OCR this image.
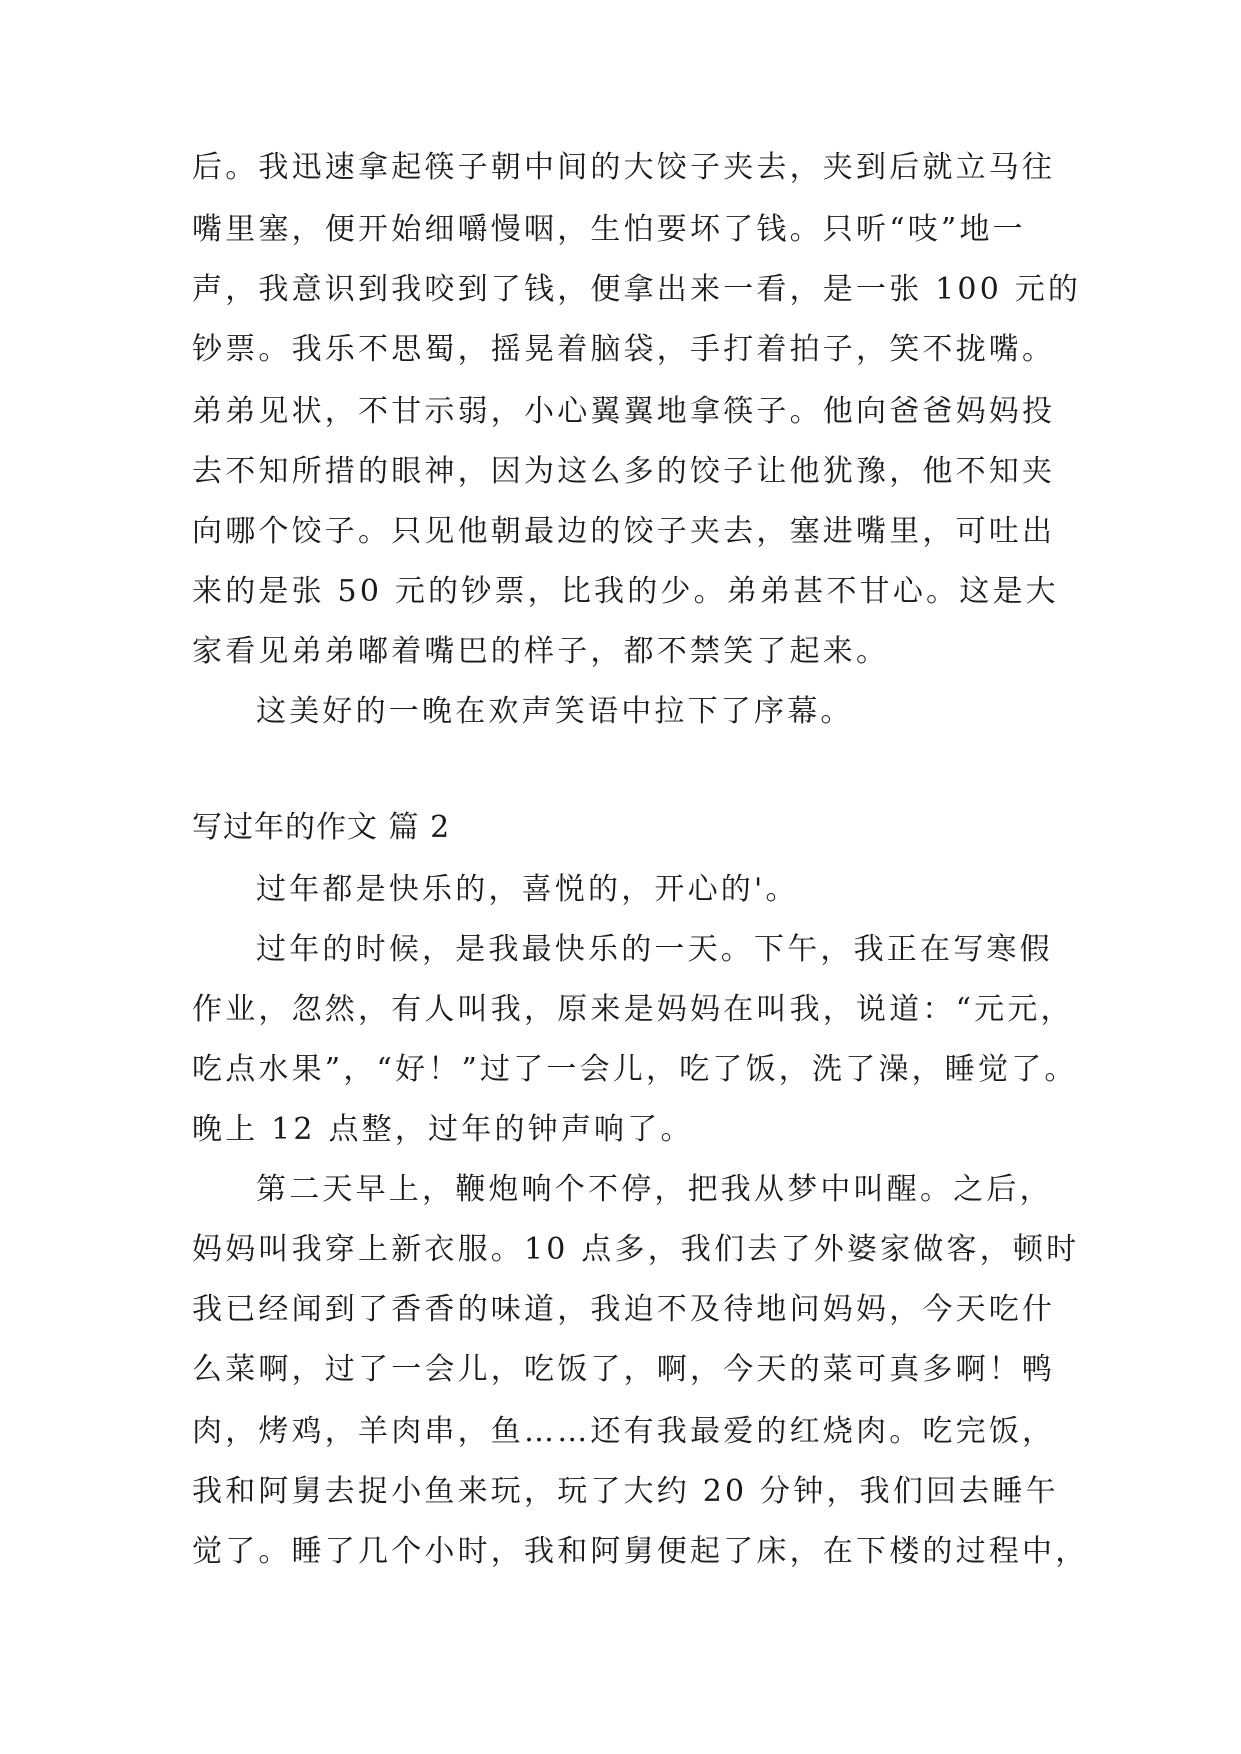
后。我迅速拿起筷子朝中间的大饺子夹去，夹到后就立马往
嘴里塞，便开始细嚼慢咽，生怕要坏了钱。只听“吱”地一
声，我意识到我咬到了钱，便拿出来一看，是一张 100 元的
钞票。我乐不思蜀，摇晃着脑袋，手打着拍子，笑不拢嘴。
弟弟见状，不甘示弱，小心翼翼地拿筷子。他向爸爸妈妈投
去不知所措的眼神，因为这么多的饺子让他犹豫，他不知夹
向哪个饺子。只见他朝最边的饺子夹去，塞进嘴里，可吐出
来的是张 50 元的钞票，比我的少。弟弟甚不甘心。这是大
家看见弟弟嘟着嘴巴的样子，都不禁笑了起来。
这美好的一晚在欢声笑语中拉下了序幕。
写过年的作文 篇 2
过年都是快乐的，喜悦的，开心的'。
过年的时候，是我最快乐的一天。下午，我正在写寒假
作业，忽然，有人叫我，原来是妈妈在叫我，说道：“元元，
吃点水果”，“好！”过了一会儿，吃了饭，洗了澡，睡觉了。
晚上 12 点整，过年的钟声响了。
第二天早上，鞭炮响个不停，把我从梦中叫醒。之后，
妈妈叫我穿上新衣服。10 点多，我们去了外婆家做客，顿时
我已经闻到了香香的味道，我迫不及待地问妈妈，今天吃什
么菜啊，过了一会儿，吃饭了，啊，今天的菜可真多啊！鸭
肉，烤鸡，羊肉串，鱼……还有我最爱的红烧肉。吃完饭，
我和阿舅去捉小鱼来玩，玩了大约 20 分钟，我们回去睡午
觉了。睡了几个小时，我和阿舅便起了床，在下楼的过程中，
